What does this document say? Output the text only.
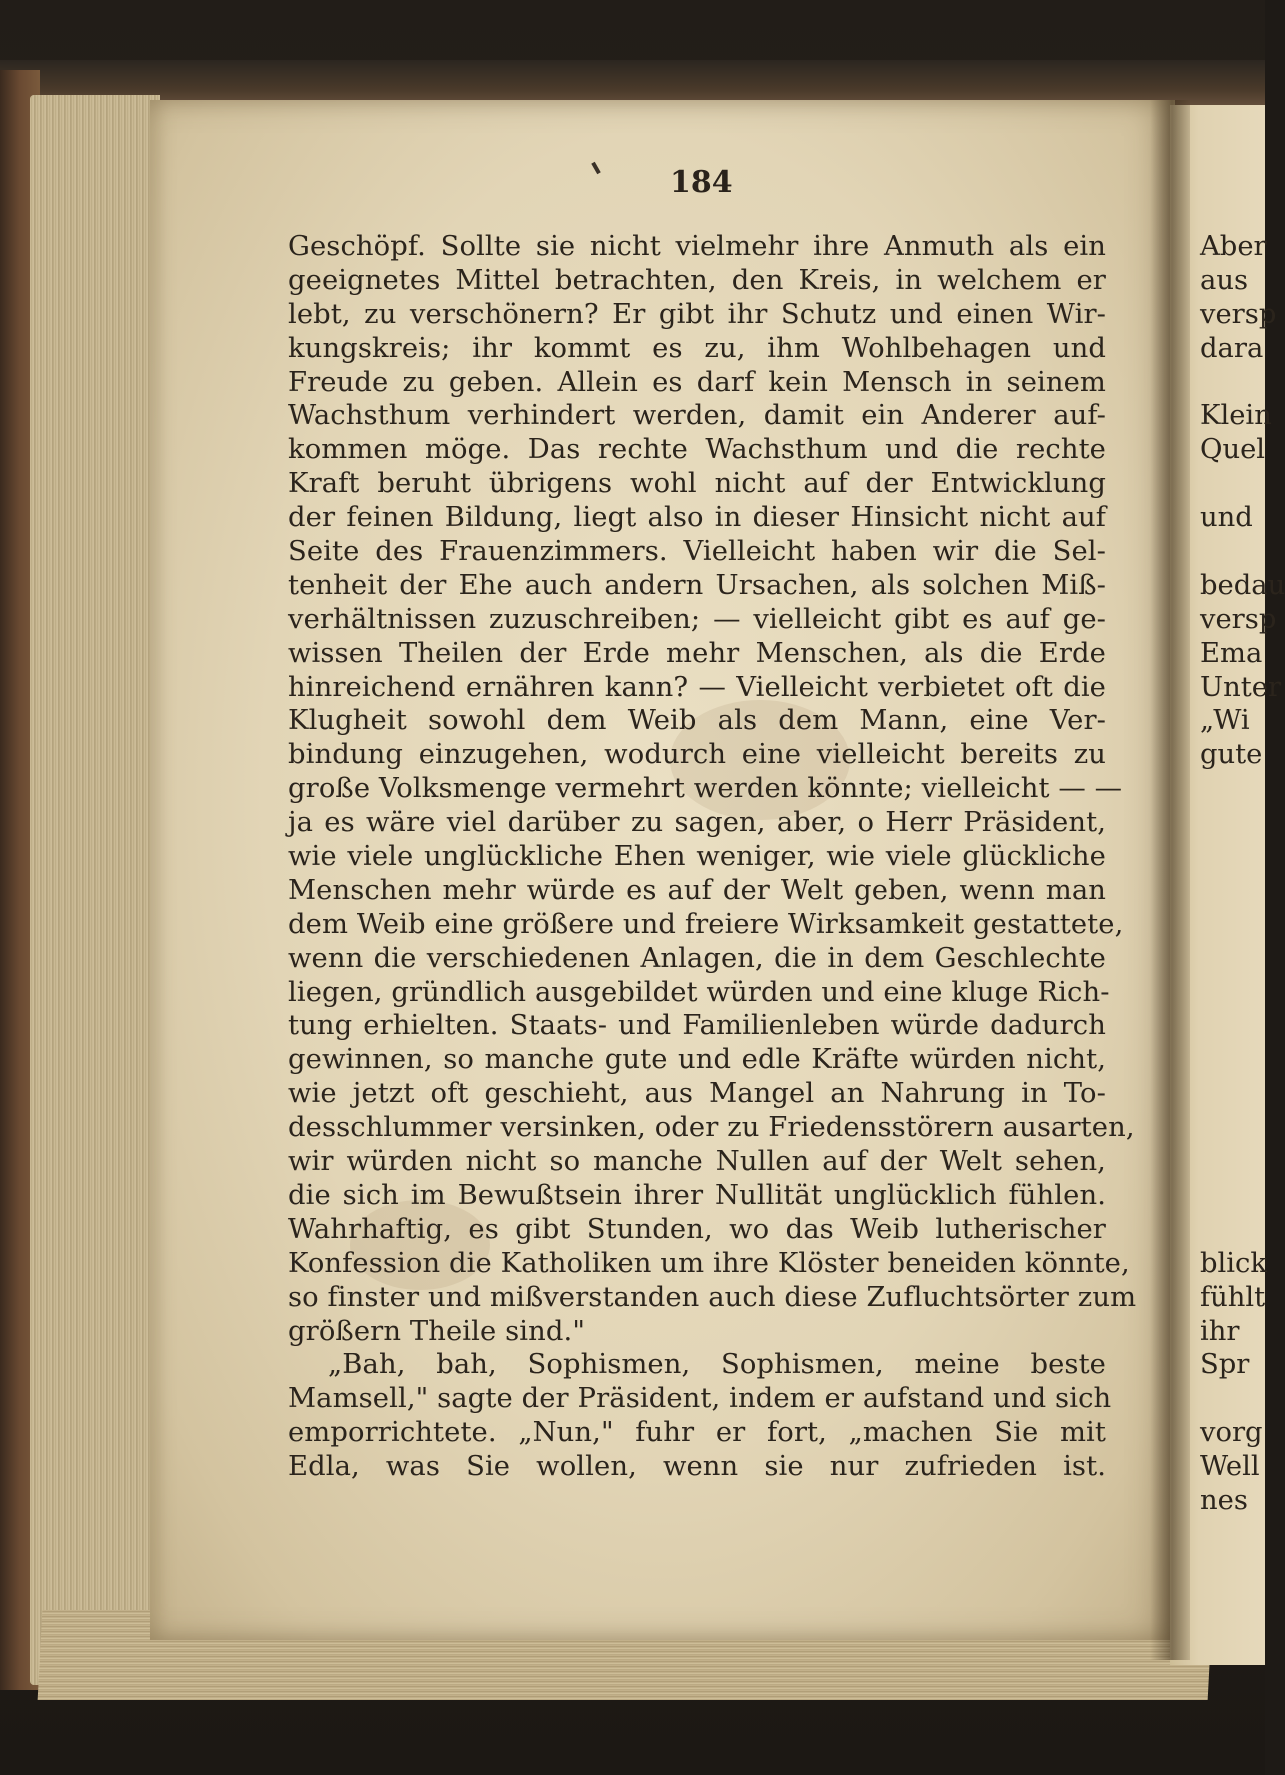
184
Geschöpf. Sollte sie nicht vielmehr ihre Anmuth als ein
geeignetes Mittel betrachten, den Kreis, in welchem er
lebt, zu verschönern? Er gibt ihr Schutz und einen Wir-
kungskreis; ihr kommt es zu, ihm Wohlbehagen und
Freude zu geben. Allein es darf kein Mensch in seinem
Wachsthum verhindert werden, damit ein Anderer auf-
kommen möge. Das rechte Wachsthum und die rechte
Kraft beruht übrigens wohl nicht auf der Entwicklung
der feinen Bildung, liegt also in dieser Hinsicht nicht auf
Seite des Frauenzimmers. Vielleicht haben wir die Sel-
tenheit der Ehe auch andern Ursachen, als solchen Miß-
verhältnissen zuzuschreiben; — vielleicht gibt es auf ge-
wissen Theilen der Erde mehr Menschen, als die Erde
hinreichend ernähren kann? — Vielleicht verbietet oft die
Klugheit sowohl dem Weib als dem Mann, eine Ver-
bindung einzugehen, wodurch eine vielleicht bereits zu
große Volksmenge vermehrt werden könnte; vielleicht — —
ja es wäre viel darüber zu sagen, aber, o Herr Präsident,
wie viele unglückliche Ehen weniger, wie viele glückliche
Menschen mehr würde es auf der Welt geben, wenn man
dem Weib eine größere und freiere Wirksamkeit gestattete,
wenn die verschiedenen Anlagen, die in dem Geschlechte
liegen, gründlich ausgebildet würden und eine kluge Rich-
tung erhielten. Staats- und Familienleben würde dadurch
gewinnen, so manche gute und edle Kräfte würden nicht,
wie jetzt oft geschieht, aus Mangel an Nahrung in To-
desschlummer versinken, oder zu Friedensstörern ausarten,
wir würden nicht so manche Nullen auf der Welt sehen,
die sich im Bewußtsein ihrer Nullität unglücklich fühlen.
Wahrhaftig, es gibt Stunden, wo das Weib lutherischer
Konfession die Katholiken um ihre Klöster beneiden könnte,
so finster und mißverstanden auch diese Zufluchtsörter zum
größern Theile sind."
„Bah, bah, Sophismen, Sophismen, meine beste
Mamsell," sagte der Präsident, indem er aufstand und sich
emporrichtete. „Nun," fuhr er fort, „machen Sie mit
Edla, was Sie wollen, wenn sie nur zufrieden ist.
Aber
aus
versp
dara
Klein
Quel
und
bedau
versp
Ema
Unter
„Wi
gute
blick
fühlt
ihr
Spr
vorg
Well
nes
